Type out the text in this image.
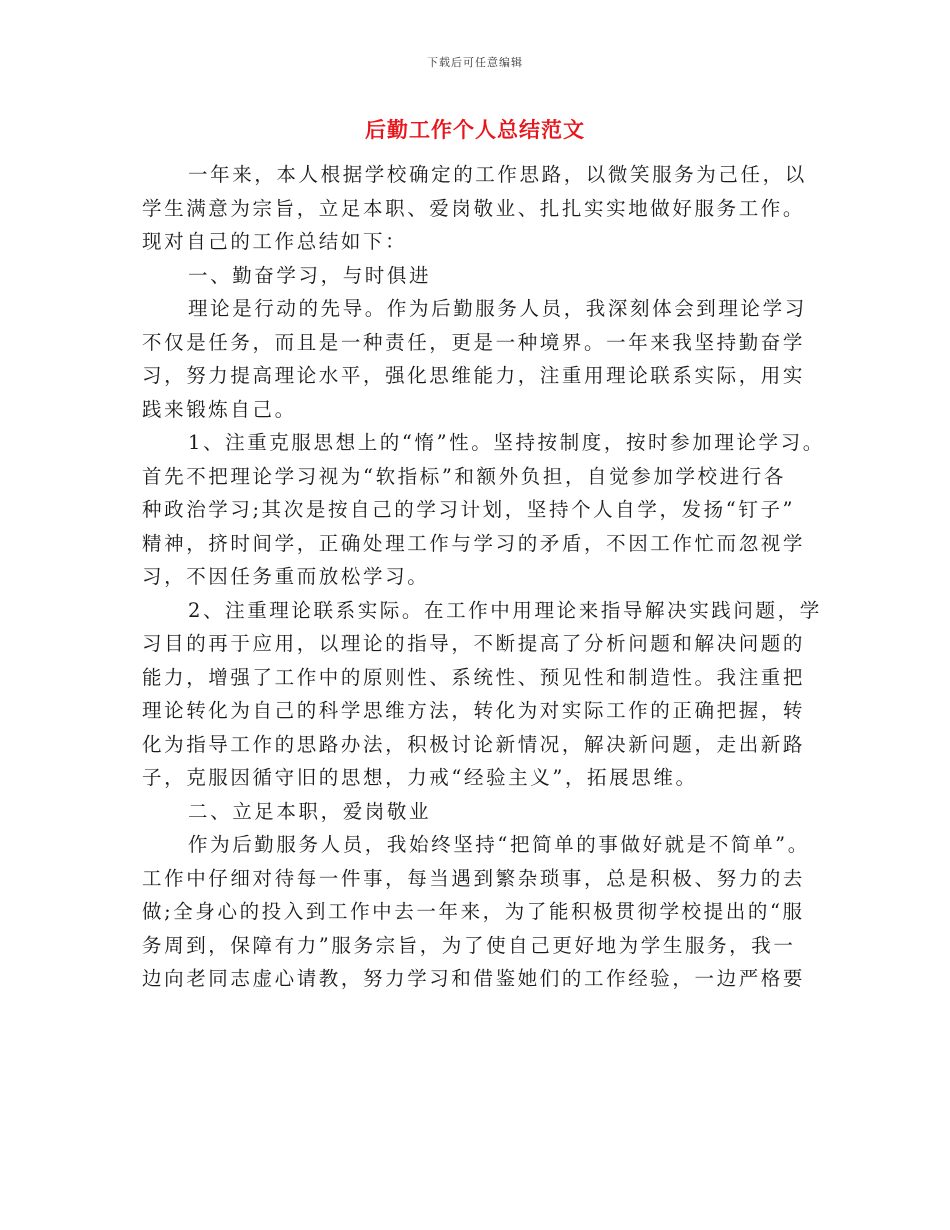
下载后可任意编辑
后勤工作个人总结范文
一年来，本人根据学校确定的工作思路，以微笑服务为己任，以
学生满意为宗旨，立足本职、爱岗敬业、扎扎实实地做好服务工作。
现对自己的工作总结如下：
一、勤奋学习，与时俱进
理论是行动的先导。作为后勤服务人员，我深刻体会到理论学习
不仅是任务，而且是一种责任，更是一种境界。一年来我坚持勤奋学
习，努力提高理论水平，强化思维能力，注重用理论联系实际，用实
践来锻炼自己。
1、注重克服思想上的“惰”性。坚持按制度，按时参加理论学习。
首先不把理论学习视为“软指标”和额外负担，自觉参加学校进行各
种政治学习;其次是按自己的学习计划，坚持个人自学，发扬“钉子”
精神，挤时间学，正确处理工作与学习的矛盾，不因工作忙而忽视学
习，不因任务重而放松学习。
2、注重理论联系实际。在工作中用理论来指导解决实践问题，学
习目的再于应用，以理论的指导，不断提高了分析问题和解决问题的
能力，增强了工作中的原则性、系统性、预见性和制造性。我注重把
理论转化为自己的科学思维方法，转化为对实际工作的正确把握，转
化为指导工作的思路办法，积极讨论新情况，解决新问题，走出新路
子，克服因循守旧的思想，力戒“经验主义”，拓展思维。
二、立足本职，爱岗敬业
作为后勤服务人员，我始终坚持“把简单的事做好就是不简单”。
工作中仔细对待每一件事，每当遇到繁杂琐事，总是积极、努力的去
做;全身心的投入到工作中去一年来，为了能积极贯彻学校提出的“服
务周到，保障有力”服务宗旨，为了使自己更好地为学生服务，我一
边向老同志虚心请教，努力学习和借鉴她们的工作经验，一边严格要
